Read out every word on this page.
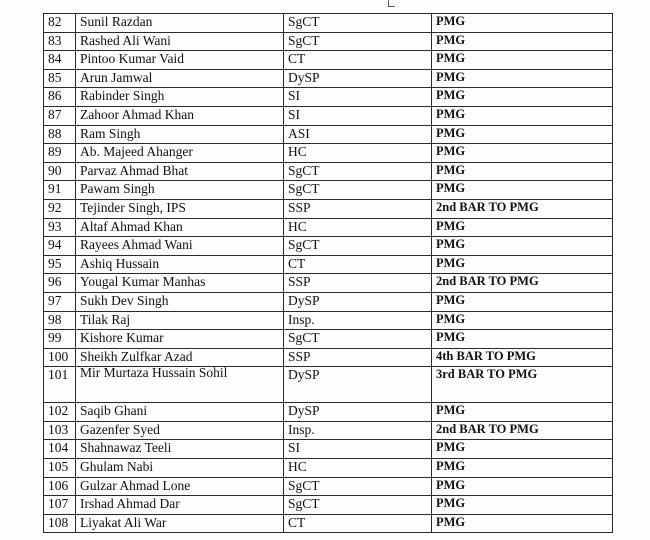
82	Sunil Razdan	SgCT	PMG
83	Rashed Ali Wani	SgCT	PMG
84	Pintoo Kumar Vaid	CT	PMG
85	Arun Jamwal	DySP	PMG
86	Rabinder Singh	SI	PMG
87	Zahoor Ahmad Khan	SI	PMG
88	Ram Singh	ASI	PMG
89	Ab. Majeed Ahanger	HC	PMG
90	Parvaz Ahmad Bhat	SgCT	PMG
91	Pawam Singh	SgCT	PMG
92	Tejinder Singh, IPS	SSP	2nd BAR TO PMG
93	Altaf Ahmad Khan	HC	PMG
94	Rayees Ahmad Wani	SgCT	PMG
95	Ashiq Hussain	CT	PMG
96	Yougal Kumar Manhas	SSP	2nd BAR TO PMG
97	Sukh Dev Singh	DySP	PMG
98	Tilak Raj	Insp.	PMG
99	Kishore Kumar	SgCT	PMG
100	Sheikh Zulfkar Azad	SSP	4th BAR TO PMG
101	Mir Murtaza Hussain Sohil	DySP	3rd BAR TO PMG
102	Saqib Ghani	DySP	PMG
103	Gazenfer Syed	Insp.	2nd BAR TO PMG
104	Shahnawaz Teeli	SI	PMG
105	Ghulam Nabi	HC	PMG
106	Gulzar Ahmad Lone	SgCT	PMG
107	Irshad Ahmad Dar	SgCT	PMG
108	Liyakat Ali War	CT	PMG
